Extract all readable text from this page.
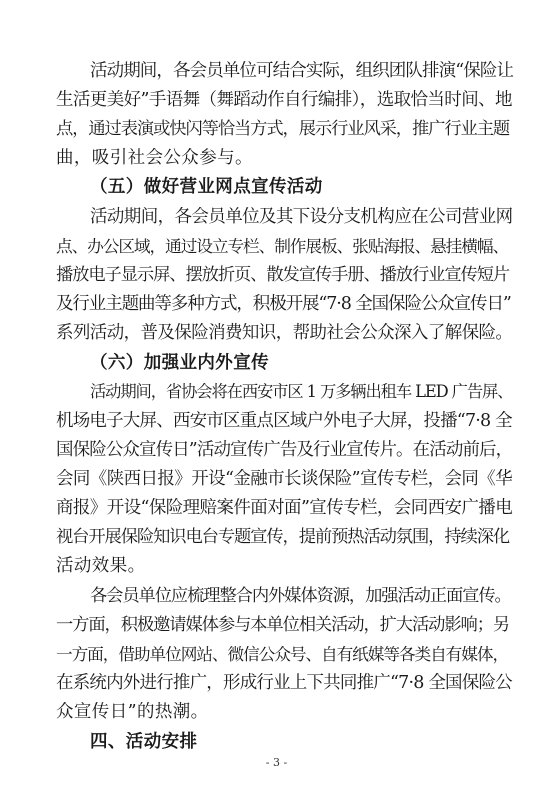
活动期间，各会员单位可结合实际，组织团队排演“保险让
生活更美好”手语舞（舞蹈动作自行编排），选取恰当时间、地
点，通过表演或快闪等恰当方式，展示行业风采，推广行业主题
曲，吸引社会公众参与。
（五）做好营业网点宣传活动
活动期间，各会员单位及其下设分支机构应在公司营业网
点、办公区域，通过设立专栏、制作展板、张贴海报、悬挂横幅、
播放电子显示屏、摆放折页、散发宣传手册、播放行业宣传短片
及行业主题曲等多种方式，积极开展“7·8 全国保险公众宣传日”
系列活动，普及保险消费知识，帮助社会公众深入了解保险。
（六）加强业内外宣传
活动期间，省协会将在西安市区 1 万多辆出租车 LED 广告屏、
机场电子大屏、西安市区重点区域户外电子大屏，投播“7·8 全
国保险公众宣传日”活动宣传广告及行业宣传片。在活动前后，
会同《陕西日报》开设“金融市长谈保险”宣传专栏，会同《华
商报》开设“保险理赔案件面对面”宣传专栏，会同西安广播电
视台开展保险知识电台专题宣传，提前预热活动氛围，持续深化
活动效果。
各会员单位应梳理整合内外媒体资源，加强活动正面宣传。
一方面，积极邀请媒体参与本单位相关活动，扩大活动影响；另
一方面，借助单位网站、微信公众号、自有纸媒等各类自有媒体，
在系统内外进行推广，形成行业上下共同推广“7·8 全国保险公
众宣传日”的热潮。
四、活动安排
- 3 -
